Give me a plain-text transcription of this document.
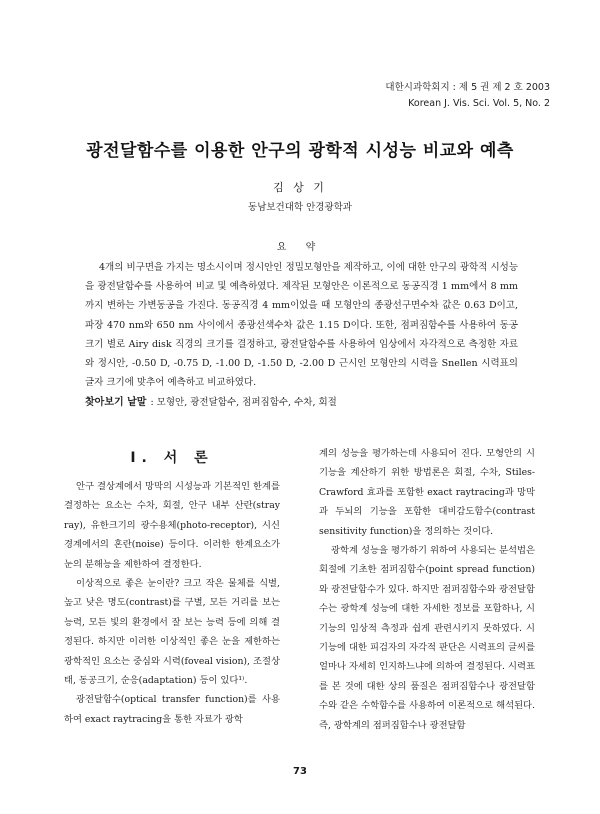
대한시과학회지 : 제 5 권 제 2 호 2003
Korean J. Vis. Sci. Vol. 5, No. 2
광전달함수를 이용한 안구의 광학적 시성능 비교와 예측
김 상 기
동남보건대학 안경광학과
요 약

4개의 비구면을 가지는 명소시이며 정시안인 정밀모형안을 제작하고, 이에 대한 안구의 광학적 시성능을 광전달함수를 사용하여 비교 및 예측하였다. 제작된 모형안은 이론적으로 동공직경 1 mm에서 8 mm까지 변하는 가변동공을 가진다. 동공직경 4 mm이었을 때 모형안의 종광선구면수차 값은 0.63 D이고, 파장 470 nm와 650 nm 사이에서 종광선색수차 값은 1.15 D이다. 또한, 점퍼짐함수를 사용하여 동공크기 별로 Airy disk 직경의 크기를 결정하고, 광전달함수를 사용하여 임상에서 자각적으로 측정한 자료와 정시안, -0.50 D, -0.75 D, -1.00 D, -1.50 D, -2.00 D 근시인 모형안의 시력을 Snellen 시력표의 글자 크기에 맞추어 예측하고 비교하였다.

찾아보기 낱말 : 모형안, 광전달함수, 점퍼짐함수, 수차, 회절
I. 서 론

안구 결상계에서 망막의 시성능과 기본적인 한계를 결정하는 요소는 수차, 회절, 안구 내부 산란(stray ray), 유한크기의 광수용체(photo-receptor), 시신경계에서의 혼란(noise) 등이다. 이러한 한계요소가 눈의 분해능을 제한하여 결정한다.

이상적으로 좋은 눈이란? 크고 작은 물체를 식별, 높고 낮은 명도(contrast)를 구별, 모든 거리를 보는 능력, 모든 빛의 환경에서 잘 보는 능력 등에 의해 결정된다. 하지만 이러한 이상적인 좋은 눈을 제한하는 광학적인 요소는 중심와 시력(foveal vision), 조절상태, 동공크기, 순응(adaptation) 등이 있다¹⁾.

광전달함수(optical transfer function)를 사용하여 exact raytracing을 통한 자료가 광학

계의 성능을 평가하는데 사용되어 진다. 모형안의 시기능을 계산하기 위한 방법론은 회절, 수차, Stiles-Crawford 효과를 포함한 exact raytracing과 망막과 두뇌의 기능을 포함한 대비감도함수(contrast sensitivity function)을 정의하는 것이다.

광학계 성능을 평가하기 위하여 사용되는 분석법은 회절에 기초한 점퍼짐함수(point spread function)와 광전달함수가 있다. 하지만 점퍼짐함수와 광전달함수는 광학계 성능에 대한 자세한 정보를 포함하나, 시기능의 임상적 측정과 쉽게 관련시키지 못하였다. 시기능에 대한 피검자의 자각적 판단은 시력표의 글씨를 얼마나 자세히 인지하느냐에 의하여 결정된다. 시력표를 본 것에 대한 상의 품질은 점퍼짐함수나 광전달함수와 같은 수학함수를 사용하여 이론적으로 해석된다. 즉, 광학계의 점퍼짐함수나 광전달함

73
